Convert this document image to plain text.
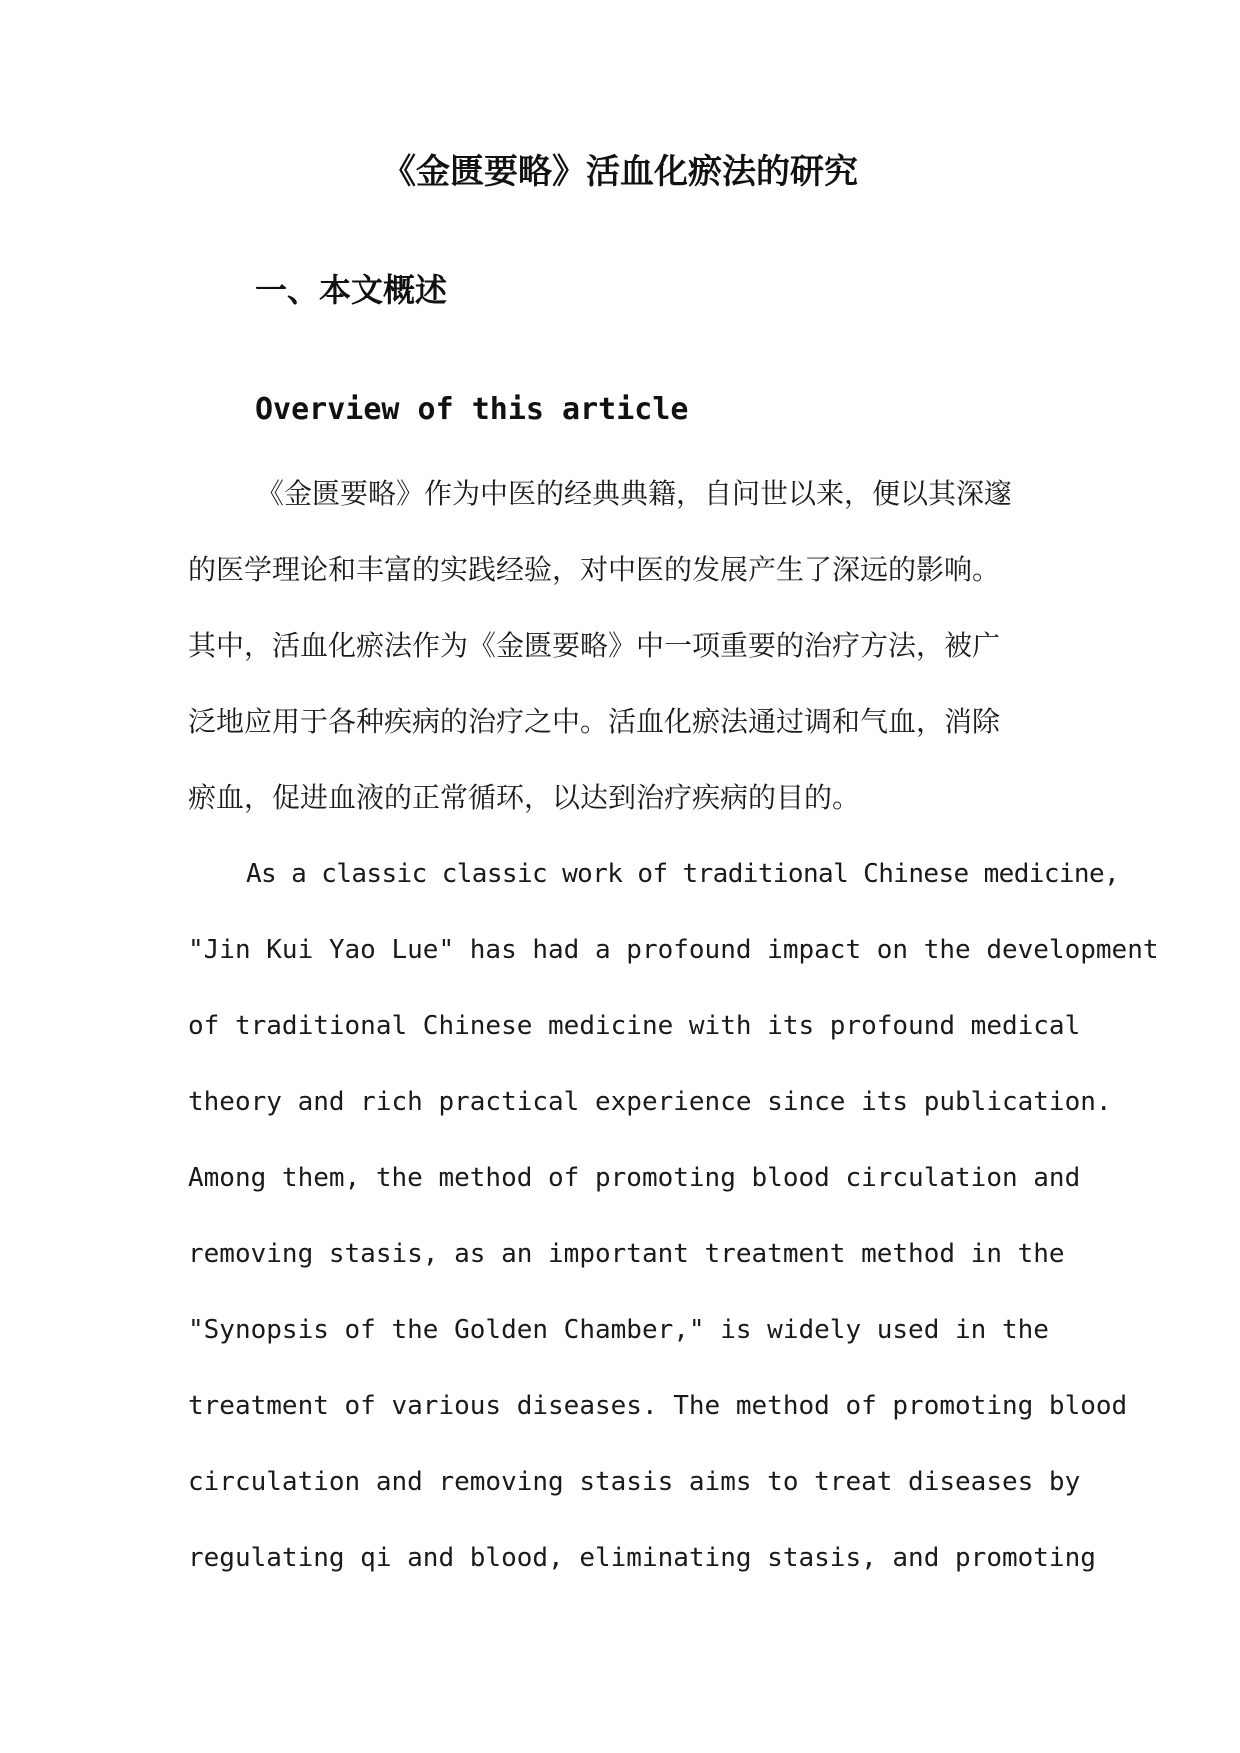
《金匮要略》活血化瘀法的研究
一、本文概述
Overview of this article
《金匮要略》作为中医的经典典籍，自问世以来，便以其深邃
的医学理论和丰富的实践经验，对中医的发展产生了深远的影响。
其中，活血化瘀法作为《金匮要略》中一项重要的治疗方法，被广
泛地应用于各种疾病的治疗之中。活血化瘀法通过调和气血，消除
瘀血，促进血液的正常循环，以达到治疗疾病的目的。
As a classic classic work of traditional Chinese medicine,
"Jin Kui Yao Lue" has had a profound impact on the development
of traditional Chinese medicine with its profound medical
theory and rich practical experience since its publication.
Among them, the method of promoting blood circulation and
removing stasis, as an important treatment method in the
"Synopsis of the Golden Chamber," is widely used in the
treatment of various diseases. The method of promoting blood
circulation and removing stasis aims to treat diseases by
regulating qi and blood, eliminating stasis, and promoting
